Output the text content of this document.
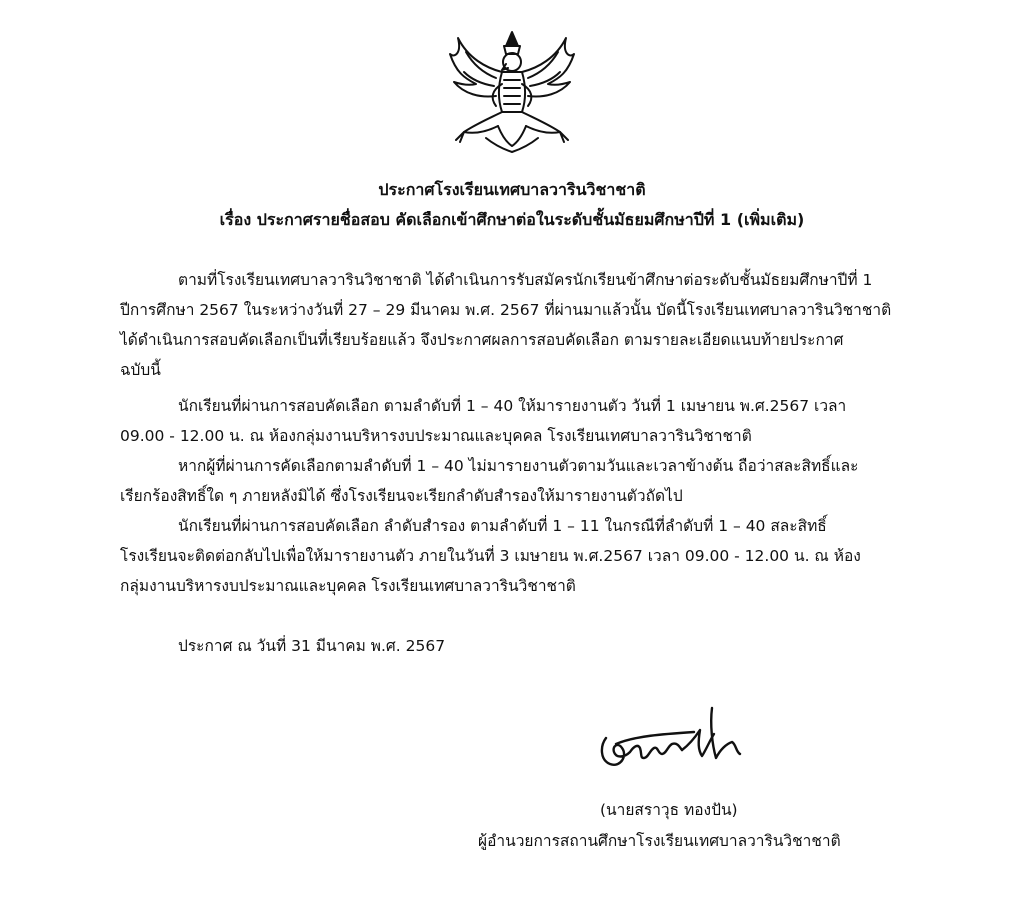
ประกาศโรงเรียนเทศบาลวารินวิชาชาติ
เรื่อง ประกาศรายชื่อสอบ คัดเลือกเข้าศึกษาต่อในระดับชั้นมัธยมศึกษาปีที่ 1 (เพิ่มเติม)
ตามที่โรงเรียนเทศบาลวารินวิชาชาติ ได้ดำเนินการรับสมัครนักเรียนข้าศึกษาต่อระดับชั้นมัธยมศึกษาปีที่ 1
ปีการศึกษา 2567 ในระหว่างวันที่ 27 – 29 มีนาคม พ.ศ. 2567 ที่ผ่านมาแล้วนั้น บัดนี้โรงเรียนเทศบาลวารินวิชาชาติ
ได้ดำเนินการสอบคัดเลือกเป็นที่เรียบร้อยแล้ว จึงประกาศผลการสอบคัดเลือก ตามรายละเอียดแนบท้ายประกาศ
ฉบับนี้
นักเรียนที่ผ่านการสอบคัดเลือก ตามลำดับที่ 1 – 40 ให้มารายงานตัว วันที่ 1 เมษายน พ.ศ.2567 เวลา
09.00 - 12.00 น. ณ ห้องกลุ่มงานบริหารงบประมาณและบุคคล โรงเรียนเทศบาลวารินวิชาชาติ
หากผู้ที่ผ่านการคัดเลือกตามลำดับที่ 1 – 40 ไม่มารายงานตัวตามวันและเวลาข้างต้น ถือว่าสละสิทธิ์และ
เรียกร้องสิทธิ์ใด ๆ ภายหลังมิได้ ซึ่งโรงเรียนจะเรียกลำดับสำรองให้มารายงานตัวถัดไป
นักเรียนที่ผ่านการสอบคัดเลือก ลำดับสำรอง ตามลำดับที่ 1 – 11 ในกรณีที่ลำดับที่ 1 – 40 สละสิทธิ์
โรงเรียนจะติดต่อกลับไปเพื่อให้มารายงานตัว ภายในวันที่ 3 เมษายน พ.ศ.2567 เวลา 09.00 - 12.00 น. ณ ห้อง
กลุ่มงานบริหารงบประมาณและบุคคล โรงเรียนเทศบาลวารินวิชาชาติ
ประกาศ ณ วันที่ 31 มีนาคม พ.ศ. 2567
(นายสราวุธ ทองปัน)
ผู้อำนวยการสถานศึกษาโรงเรียนเทศบาลวารินวิชาชาติ
